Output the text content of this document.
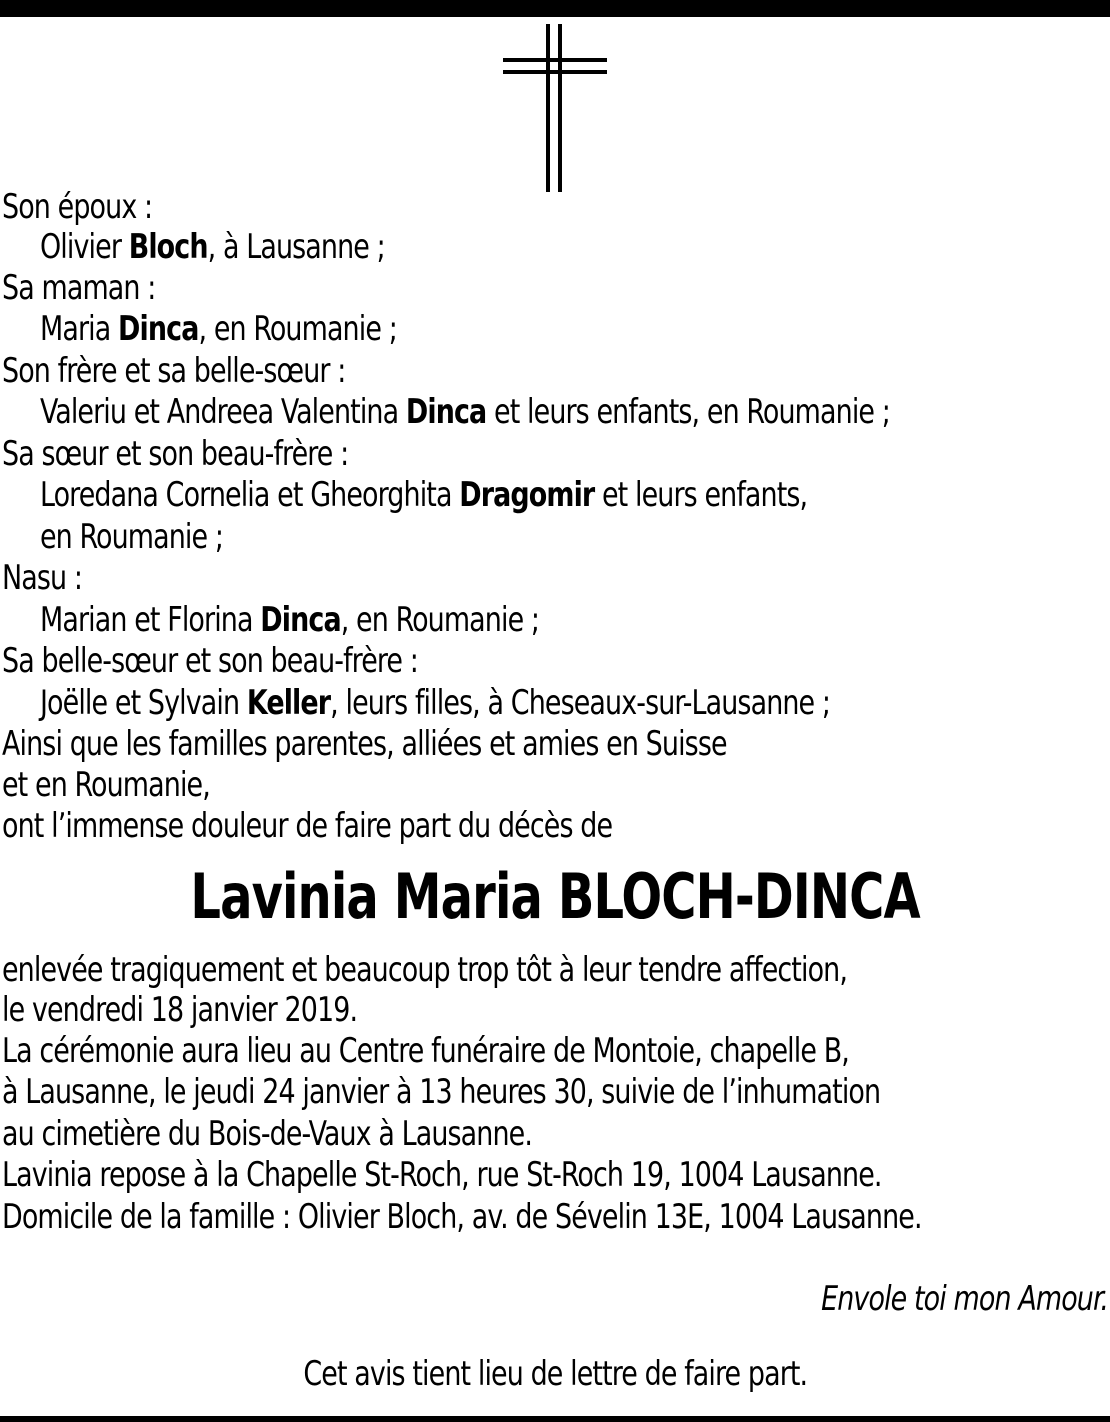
Son époux :
Olivier Bloch, à Lausanne ;
Sa maman :
Maria Dinca, en Roumanie ;
Son frère et sa belle-sœur :
Valeriu et Andreea Valentina Dinca et leurs enfants, en Roumanie ;
Sa sœur et son beau-frère :
Loredana Cornelia et Gheorghita Dragomir et leurs enfants,
en Roumanie ;
Nasu :
Marian et Florina Dinca, en Roumanie ;
Sa belle-sœur et son beau-frère :
Joëlle et Sylvain Keller, leurs filles, à Cheseaux-sur-Lausanne ;
Ainsi que les familles parentes, alliées et amies en Suisse
et en Roumanie,
ont l’immense douleur de faire part du décès de
Lavinia Maria BLOCH-DINCA
enlevée tragiquement et beaucoup trop tôt à leur tendre affection,
le vendredi 18 janvier 2019.
La cérémonie aura lieu au Centre funéraire de Montoie, chapelle B,
à Lausanne, le jeudi 24 janvier à 13 heures 30, suivie de l’inhumation
au cimetière du Bois-de-Vaux à Lausanne.
Lavinia repose à la Chapelle St-Roch, rue St-Roch 19, 1004 Lausanne.
Domicile de la famille : Olivier Bloch, av. de Sévelin 13E, 1004 Lausanne.
Envole toi mon Amour.
Cet avis tient lieu de lettre de faire part.
